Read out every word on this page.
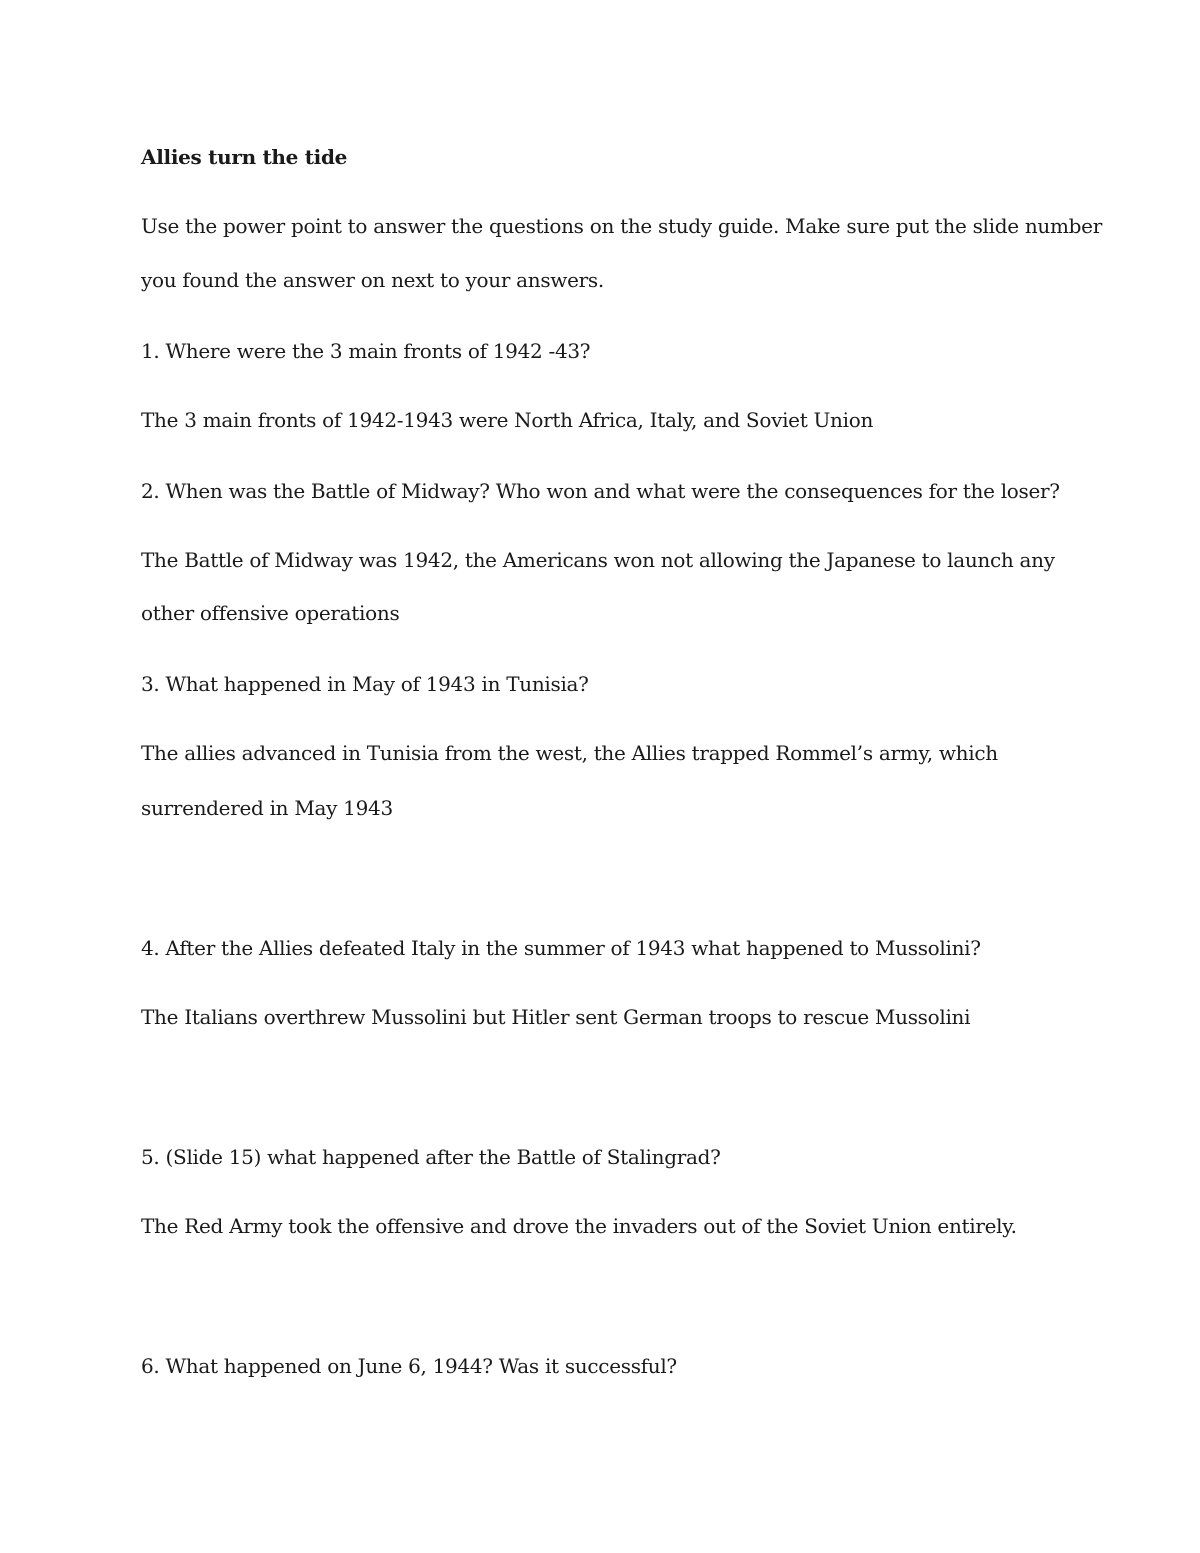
Allies turn the tide
Use the power point to answer the questions on the study guide. Make sure put the slide number
you found the answer on next to your answers.
1. Where were the 3 main fronts of 1942 -43?
The 3 main fronts of 1942-1943 were North Africa, Italy, and Soviet Union
2. When was the Battle of Midway? Who won and what were the consequences for the loser?
The Battle of Midway was 1942, the Americans won not allowing the Japanese to launch any
other offensive operations
3. What happened in May of 1943 in Tunisia?
The allies advanced in Tunisia from the west, the Allies trapped Rommel’s army, which
surrendered in May 1943
4. After the Allies defeated Italy in the summer of 1943 what happened to Mussolini?
The Italians overthrew Mussolini but Hitler sent German troops to rescue Mussolini
5. (Slide 15) what happened after the Battle of Stalingrad?
The Red Army took the offensive and drove the invaders out of the Soviet Union entirely.
6. What happened on June 6, 1944? Was it successful?
